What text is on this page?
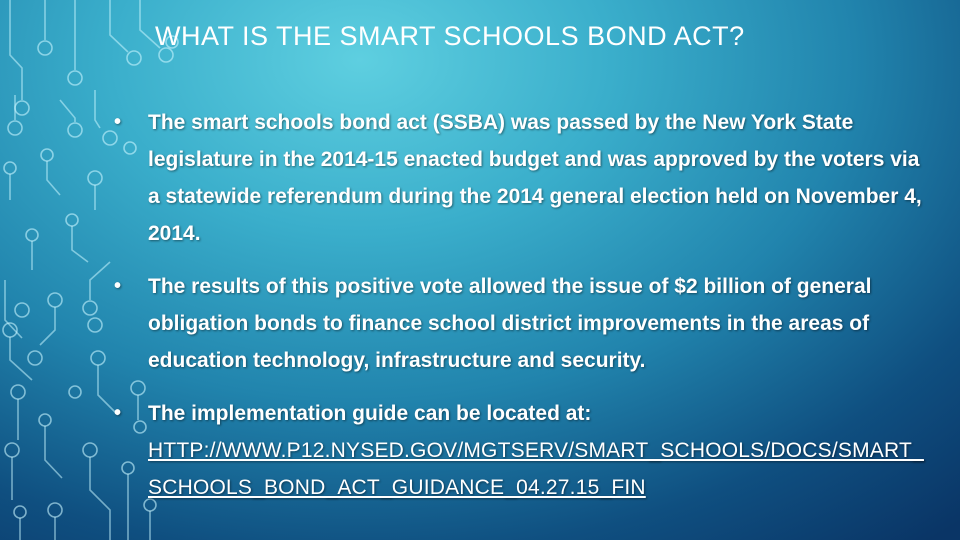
WHAT IS THE SMART SCHOOLS BOND ACT?
• The smart schools bond act (SSBA) was passed by the New York State legislature in the 2014-15 enacted budget and was approved by the voters via a statewide referendum during the 2014 general election held on November 4, 2014.
• The results of this positive vote allowed the issue of $2 billion of general obligation bonds to finance school district improvements in the areas of education technology, infrastructure and security.
• The implementation guide can be located at:
HTTP://WWW.P12.NYSED.GOV/MGTSERV/SMART_SCHOOLS/DOCS/SMART_SCHOOLS_BOND_ACT_GUIDANCE_04.27.15_FIN
